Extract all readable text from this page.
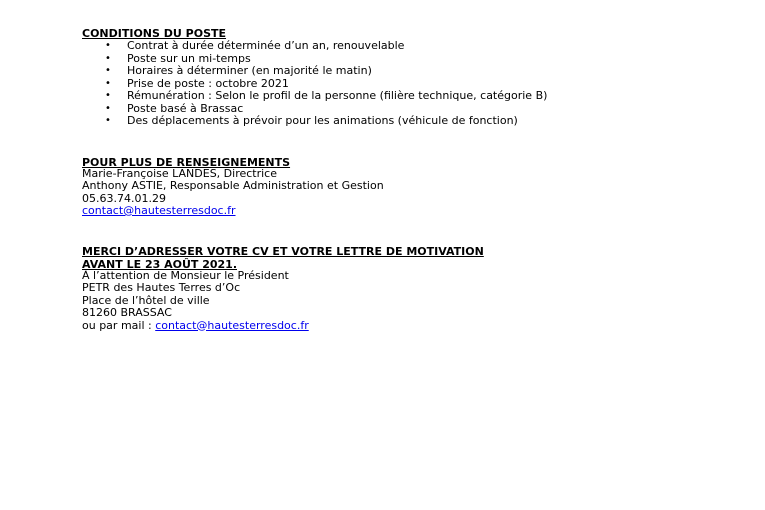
CONDITIONS DU POSTE
• Contrat à durée déterminée d’un an, renouvelable
• Poste sur un mi-temps
• Horaires à déterminer (en majorité le matin)
• Prise de poste : octobre 2021
• Rémunération : Selon le profil de la personne (filière technique, catégorie B)
• Poste basé à Brassac
• Des déplacements à prévoir pour les animations (véhicule de fonction)
POUR PLUS DE RENSEIGNEMENTS
Marie-Françoise LANDES, Directrice
Anthony ASTIE, Responsable Administration et Gestion
05.63.74.01.29
contact@hautesterresdoc.fr
MERCI D’ADRESSER VOTRE CV ET VOTRE LETTRE DE MOTIVATION
AVANT LE 23 AOÛT 2021.
À l’attention de Monsieur le Président
PETR des Hautes Terres d’Oc
Place de l’hôtel de ville
81260 BRASSAC
ou par mail : contact@hautesterresdoc.fr
